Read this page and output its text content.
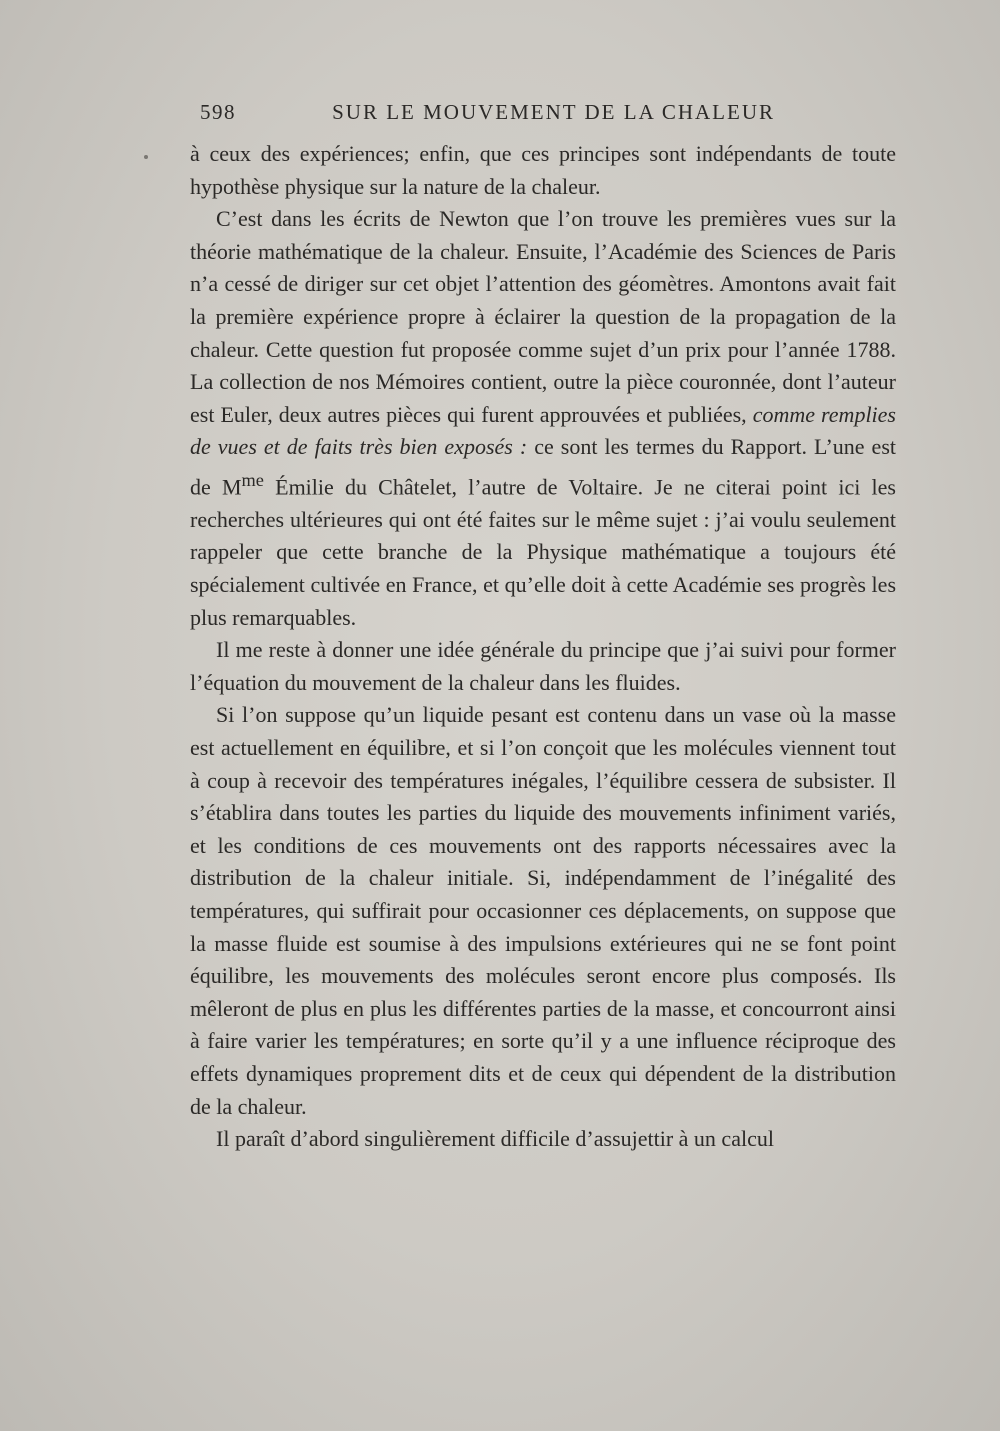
598	SUR LE MOUVEMENT DE LA CHALEUR

à ceux des expériences; enfin, que ces principes sont indépendants de toute hypothèse physique sur la nature de la chaleur.

C’est dans les écrits de Newton que l’on trouve les premières vues sur la théorie mathématique de la chaleur. Ensuite, l’Académie des Sciences de Paris n’a cessé de diriger sur cet objet l’attention des géomètres. Amontons avait fait la première expérience propre à éclairer la question de la propagation de la chaleur. Cette question fut proposée comme sujet d’un prix pour l’année 1788. La collection de nos Mémoires contient, outre la pièce couronnée, dont l’auteur est Euler, deux autres pièces qui furent approuvées et publiées, comme remplies de vues et de faits très bien exposés : ce sont les termes du Rapport. L’une est de $M^{me}$ Émilie du Châtelet, l’autre de Voltaire. Je ne citerai point ici les recherches ultérieures qui ont été faites sur le même sujet : j’ai voulu seulement rappeler que cette branche de la Physique mathématique a toujours été spécialement cultivée en France, et qu’elle doit à cette Académie ses progrès les plus remarquables.

Il me reste à donner une idée générale du principe que j’ai suivi pour former l’équation du mouvement de la chaleur dans les fluides.

Si l’on suppose qu’un liquide pesant est contenu dans un vase où la masse est actuellement en équilibre, et si l’on conçoit que les molécules viennent tout à coup à recevoir des températures inégales, l’équilibre cessera de subsister. Il s’établira dans toutes les parties du liquide des mouvements infiniment variés, et les conditions de ces mouvements ont des rapports nécessaires avec la distribution de la chaleur initiale. Si, indépendamment de l’inégalité des températures, qui suffirait pour occasionner ces déplacements, on suppose que la masse fluide est soumise à des impulsions extérieures qui ne se font point équilibre, les mouvements des molécules seront encore plus composés. Ils mêleront de plus en plus les différentes parties de la masse, et concourront ainsi à faire varier les températures; en sorte qu’il y a une influence réciproque des effets dynamiques proprement dits et de ceux qui dépendent de la distribution de la chaleur.

Il paraît d’abord singulièrement difficile d’assujettir à un calcul
